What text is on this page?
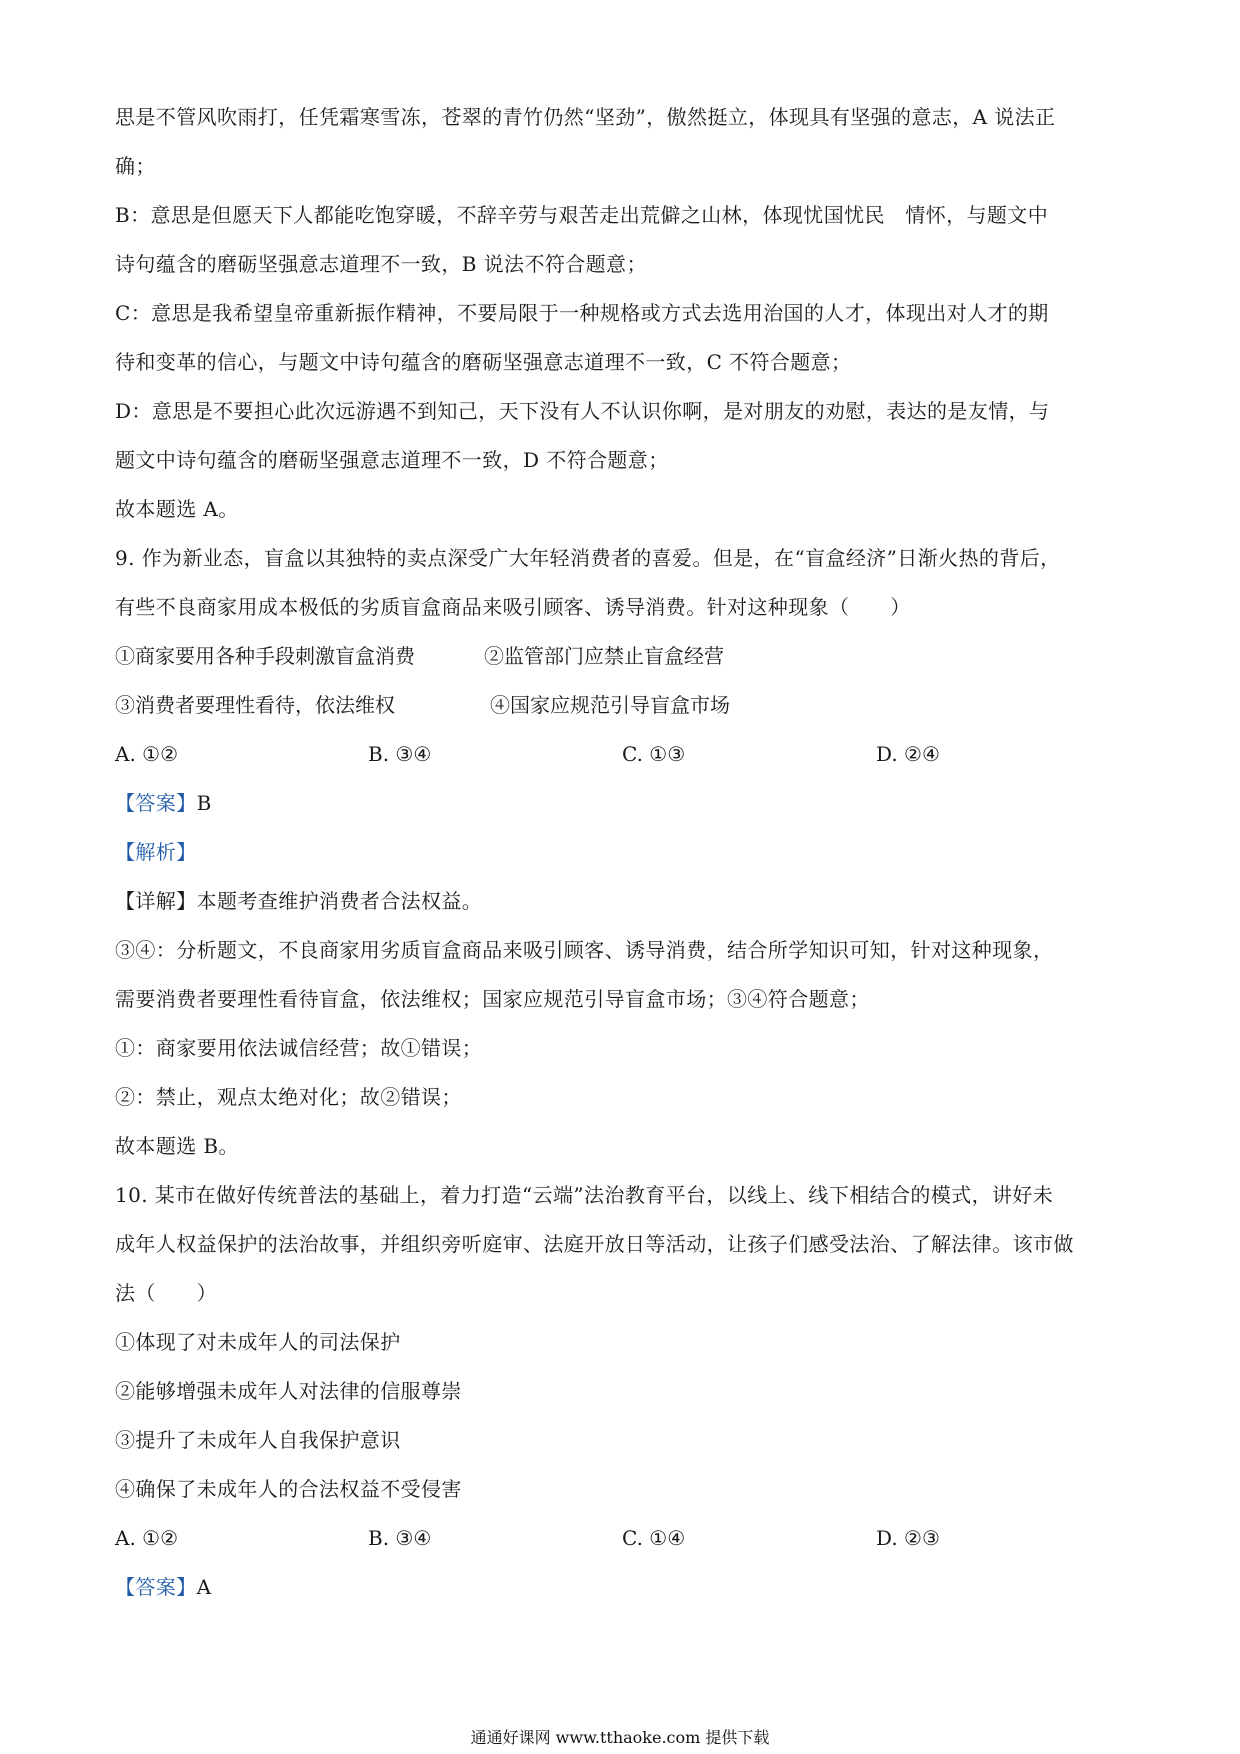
思是不管风吹雨打，任凭霜寒雪冻，苍翠的青竹仍然“坚劲”，傲然挺立，体现具有坚强的意志，A 说法正
确；
B：意思是但愿天下人都能吃饱穿暖，不辞辛劳与艰苦走出荒僻之山林，体现忧国忧民　情怀，与题文中
诗句蕴含的磨砺坚强意志道理不一致，B 说法不符合题意；
C：意思是我希望皇帝重新振作精神，不要局限于一种规格或方式去选用治国的人才，体现出对人才的期
待和变革的信心，与题文中诗句蕴含的磨砺坚强意志道理不一致，C 不符合题意；
D：意思是不要担心此次远游遇不到知己，天下没有人不认识你啊，是对朋友的劝慰，表达的是友情，与
题文中诗句蕴含的磨砺坚强意志道理不一致，D 不符合题意；
故本题选 A。
9. 作为新业态，盲盒以其独特的卖点深受广大年轻消费者的喜爱。但是，在“盲盒经济”日渐火热的背后，
有些不良商家用成本极低的劣质盲盒商品来吸引顾客、诱导消费。针对这种现象（　　）
①商家要用各种手段刺激盲盒消费	②监管部门应禁止盲盒经营
③消费者要理性看待，依法维权	④国家应规范引导盲盒市场
A. ①②	B. ③④	C. ①③	D. ②④
【答案】B
【解析】
【详解】本题考查维护消费者合法权益。
③④：分析题文，不良商家用劣质盲盒商品来吸引顾客、诱导消费，结合所学知识可知，针对这种现象，
需要消费者要理性看待盲盒，依法维权；国家应规范引导盲盒市场；③④符合题意；
①：商家要用依法诚信经营；故①错误；
②：禁止，观点太绝对化；故②错误；
故本题选 B。
10. 某市在做好传统普法的基础上，着力打造“云端”法治教育平台，以线上、线下相结合的模式，讲好未
成年人权益保护的法治故事，并组织旁听庭审、法庭开放日等活动，让孩子们感受法治、了解法律。该市做
法（　　）
①体现了对未成年人的司法保护
②能够增强未成年人对法律的信服尊崇
③提升了未成年人自我保护意识
④确保了未成年人的合法权益不受侵害
A. ①②	B. ③④	C. ①④	D. ②③
【答案】A
通通好课网 www.tthaoke.com 提供下载
